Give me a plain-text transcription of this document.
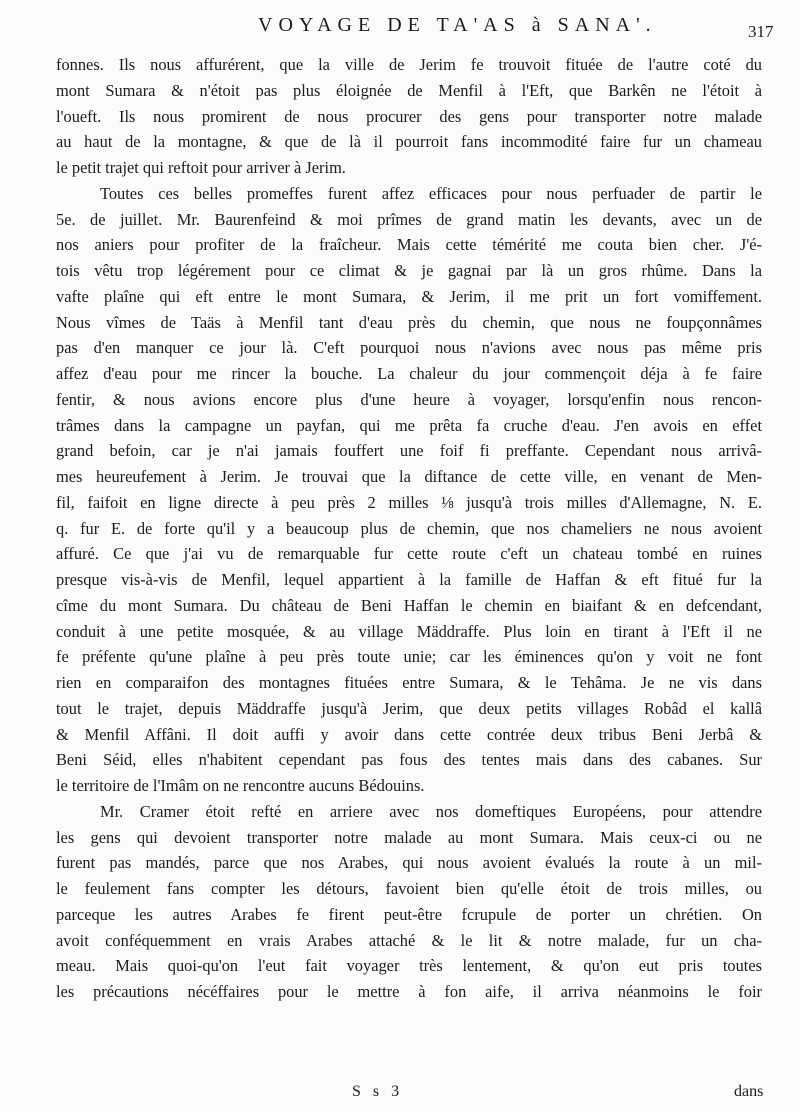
VOYAGE DE TA'AS à SANA'.	317
fonnes. Ils nous affurérent, que la ville de Jerim fe trouvoit fituée de l'autre coté du
mont Sumara & n'étoit pas plus éloignée de Menfil à l'Eft, que Barkên ne l'étoit à
l'oueft. Ils nous promirent de nous procurer des gens pour transporter notre malade
au haut de la montagne, & que de là il pourroit fans incommodité faire fur un chameau
le petit trajet qui reftoit pour arriver à Jerim.
Toutes ces belles promeffes furent affez efficaces pour nous perfuader de partir le
5e. de juillet. Mr. Baurenfeind & moi prîmes de grand matin les devants, avec un de
nos aniers pour profiter de la fraîcheur. Mais cette témérité me couta bien cher. J'é-
tois vêtu trop légérement pour ce climat & je gagnai par là un gros rhûme. Dans la
vafte plaîne qui eft entre le mont Sumara, & Jerim, il me prit un fort vomiffement.
Nous vîmes de Taäs à Menfil tant d'eau près du chemin, que nous ne foupçonnâmes
pas d'en manquer ce jour là. C'eft pourquoi nous n'avions avec nous pas même pris
affez d'eau pour me rincer la bouche. La chaleur du jour commençoit déja à fe faire
fentir, & nous avions encore plus d'une heure à voyager, lorsqu'enfin nous rencon-
trâmes dans la campagne un payfan, qui me prêta fa cruche d'eau. J'en avois en effet
grand befoin, car je n'ai jamais fouffert une foif fi preffante. Cependant nous arrivâ-
mes heureufement à Jerim. Je trouvai que la diftance de cette ville, en venant de Men-
fil, faifoit en ligne directe à peu près 2 milles ⅛ jusqu'à trois milles d'Allemagne, N. E.
q. fur E. de forte qu'il y a beaucoup plus de chemin, que nos chameliers ne nous avoient
affuré. Ce que j'ai vu de remarquable fur cette route c'eft un chateau tombé en ruines
presque vis-à-vis de Menfil, lequel appartient à la famille de Haffan & eft fitué fur la
cîme du mont Sumara. Du château de Beni Haffan le chemin en biaifant & en defcendant,
conduit à une petite mosquée, & au village Mäddraffe. Plus loin en tirant à l'Eft il ne
fe préfente qu'une plaîne à peu près toute unie; car les éminences qu'on y voit ne font
rien en comparaifon des montagnes fituées entre Sumara, & le Tehâma. Je ne vis dans
tout le trajet, depuis Mäddraffe jusqu'à Jerim, que deux petits villages Robâd el kallâ
& Menfil Affâni. Il doit auffi y avoir dans cette contrée deux tribus Beni Jerbâ &
Beni Séid, elles n'habitent cependant pas fous des tentes mais dans des cabanes. Sur
le territoire de l'Imâm on ne rencontre aucuns Bédouins.
Mr. Cramer étoit refté en arriere avec nos domeftiques Européens, pour attendre
les gens qui devoient transporter notre malade au mont Sumara. Mais ceux-ci ou ne
furent pas mandés, parce que nos Arabes, qui nous avoient évalués la route à un mil-
le feulement fans compter les détours, favoient bien qu'elle étoit de trois milles, ou
parceque les autres Arabes fe firent peut-être fcrupule de porter un chrétien. On
avoit conféquemment en vrais Arabes attaché & le lit & notre malade, fur un cha-
meau. Mais quoi-qu'on l'eut fait voyager très lentement, & qu'on eut pris toutes
les précautions nécéffaires pour le mettre à fon aife, il arriva néanmoins le foir
S s 3	dans
